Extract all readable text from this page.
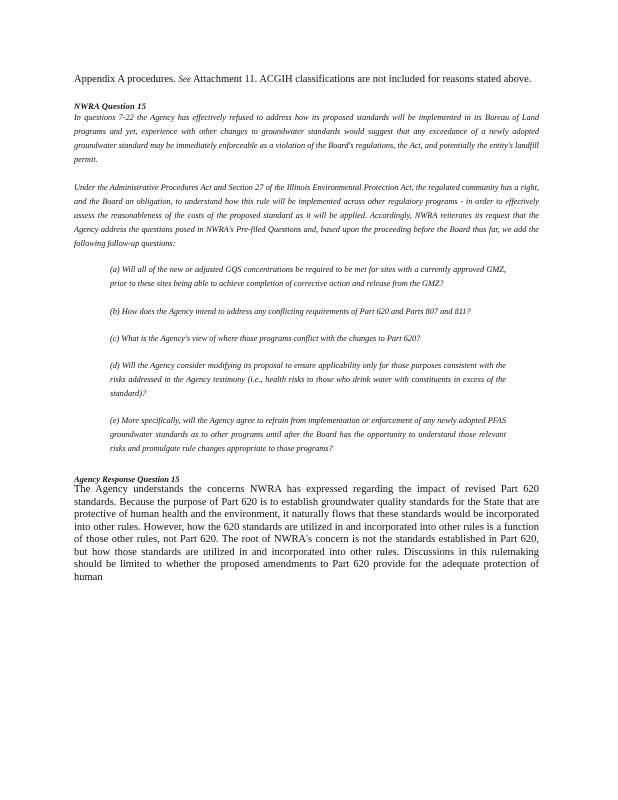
Appendix A procedures. See Attachment 11. ACGIH classifications are not included for reasons stated above.

NWRA Question 15

In questions 7-22 the Agency has effectively refused to address how its proposed standards will be implemented in its Bureau of Land programs and yet, experience with other changes to groundwater standards would suggest that any exceedance of a newly adopted groundwater standard may be immediately enforceable as a violation of the Board's regulations, the Act, and potentially the entity's landfill permit.

Under the Administrative Procedures Act and Section 27 of the Illinois Environmental Protection Act, the regulated community has a right, and the Board an obligation, to understand how this rule will be implemented across other regulatory programs - in order to effectively assess the reasonableness of the costs of the proposed standard as it will be applied. Accordingly, NWRA reiterates its request that the Agency address the questions posed in NWRA's Pre-filed Questions and, based upon the proceeding before the Board thus far, we add the following follow-up questions:

(a) Will all of the new or adjusted GQS concentrations be required to be met for sites with a currently approved GMZ, prior to these sites being able to achieve completion of corrective action and release from the GMZ?

(b) How does the Agency intend to address any conflicting requirements of Part 620 and Parts 807 and 811?

(c) What is the Agency's view of where those programs conflict with the changes to Part 620?

(d) Will the Agency consider modifying its proposal to ensure applicability only for those purposes consistent with the risks addressed in the Agency testimony (i.e., health risks to those who drink water with constituents in excess of the standard)?

(e) More specifically, will the Agency agree to refrain from implementation or enforcement of any newly adopted PFAS groundwater standards as to other programs until after the Board has the opportunity to understand those relevant risks and promulgate rule changes appropriate to those programs?

Agency Response Question 15

The Agency understands the concerns NWRA has expressed regarding the impact of revised Part 620 standards. Because the purpose of Part 620 is to establish groundwater quality standards for the State that are protective of human health and the environment, it naturally flows that these standards would be incorporated into other rules. However, how the 620 standards are utilized in and incorporated into other rules is a function of those other rules, not Part 620. The root of NWRA's concern is not the standards established in Part 620, but how those standards are utilized in and incorporated into other rules. Discussions in this rulemaking should be limited to whether the proposed amendments to Part 620 provide for the adequate protection of human
